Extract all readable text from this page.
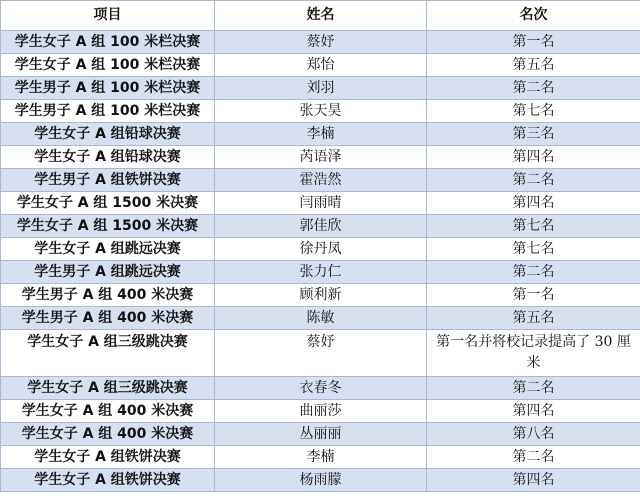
项目	姓名	名次
学生女子 A 组 100 米栏决赛	蔡妤	第一名
学生女子 A 组 100 米栏决赛	郑怡	第五名
学生男子 A 组 100 米栏决赛	刘羽	第二名
学生男子 A 组 100 米栏决赛	张天昊	第七名
学生女子 A 组铅球决赛	李楠	第三名
学生女子 A 组铅球决赛	芮语泽	第四名
学生男子 A 组铁饼决赛	霍浩然	第二名
学生女子 A 组 1500 米决赛	闫雨晴	第四名
学生女子 A 组 1500 米决赛	郭佳欣	第七名
学生女子 A 组跳远决赛	徐丹凤	第七名
学生男子 A 组跳远决赛	张力仁	第二名
学生男子 A 组 400 米决赛	顾利新	第一名
学生男子 A 组 400 米决赛	陈敏	第五名
学生女子 A 组三级跳决赛	蔡妤	第一名并将校记录提高了 30 厘米
学生女子 A 组三级跳决赛	衣春冬	第二名
学生女子 A 组 400 米决赛	曲丽莎	第四名
学生女子 A 组 400 米决赛	丛丽丽	第八名
学生女子 A 组铁饼决赛	李楠	第二名
学生女子 A 组铁饼决赛	杨雨朦	第四名
